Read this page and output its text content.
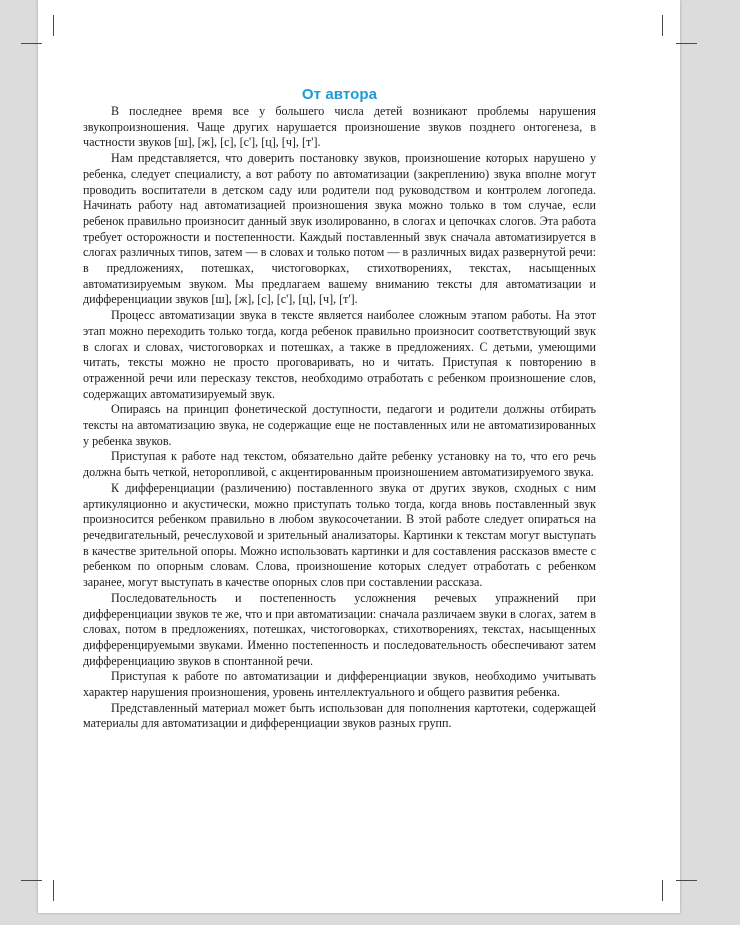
От автора

В последнее время все у большего числа детей возникают проблемы нарушения звукопроизношения. Чаще других нарушается произношение звуков позднего онтогенеза, в частности звуков [ш], [ж], [с], [с'], [ц], [ч], [т'].

Нам представляется, что доверить постановку звуков, произношение которых нарушено у ребенка, следует специалисту, а вот работу по автоматизации (закреплению) звука вполне могут проводить воспитатели в детском саду или родители под руководством и контролем логопеда. Начинать работу над автоматизацией произношения звука можно только в том случае, если ребенок правильно произносит данный звук изолированно, в слогах и цепочках слогов. Эта работа требует осторожности и постепенности. Каждый поставленный звук сначала автоматизируется в слогах различных типов, затем — в словах и только потом — в различных видах развернутой речи: в предложениях, потешках, чистоговорках, стихотворениях, текстах, насыщенных автоматизируемым звуком. Мы предлагаем вашему вниманию тексты для автоматизации и дифференциации звуков [ш], [ж], [с], [с'], [ц], [ч], [т'].

Процесс автоматизации звука в тексте является наиболее сложным этапом работы. На этот этап можно переходить только тогда, когда ребенок правильно произносит соответствующий звук в слогах и словах, чистоговорках и потешках, а также в предложениях. С детьми, умеющими читать, тексты можно не просто проговаривать, но и читать. Приступая к повторению в отраженной речи или пересказу текстов, необходимо отработать с ребенком произношение слов, содержащих автоматизируемый звук.

Опираясь на принцип фонетической доступности, педагоги и родители должны отбирать тексты на автоматизацию звука, не содержащие еще не поставленных или не автоматизированных у ребенка звуков.

Приступая к работе над текстом, обязательно дайте ребенку установку на то, что его речь должна быть четкой, неторопливой, с акцентированным произношением автоматизируемого звука.

К дифференциации (различению) поставленного звука от других звуков, сходных с ним артикуляционно и акустически, можно приступать только тогда, когда вновь поставленный звук произносится ребенком правильно в любом звукосочетании. В этой работе следует опираться на речедвигательный, речеслуховой и зрительный анализаторы. Картинки к текстам могут выступать в качестве зрительной опоры. Можно использовать картинки и для составления рассказов вместе с ребенком по опорным словам. Слова, произношение которых следует отработать с ребенком заранее, могут выступать в качестве опорных слов при составлении рассказа.

Последовательность и постепенность усложнения речевых упражнений при дифференциации звуков те же, что и при автоматизации: сначала различаем звуки в слогах, затем в словах, потом в предложениях, потешках, чистоговорках, стихотворениях, текстах, насыщенных дифференцируемыми звуками. Именно постепенность и последовательность обеспечивают затем дифференциацию звуков в спонтанной речи.

Приступая к работе по автоматизации и дифференциации звуков, необходимо учитывать характер нарушения произношения, уровень интеллектуального и общего развития ребенка.

Представленный материал может быть использован для пополнения картотеки, содержащей материалы для автоматизации и дифференциации звуков разных групп.
